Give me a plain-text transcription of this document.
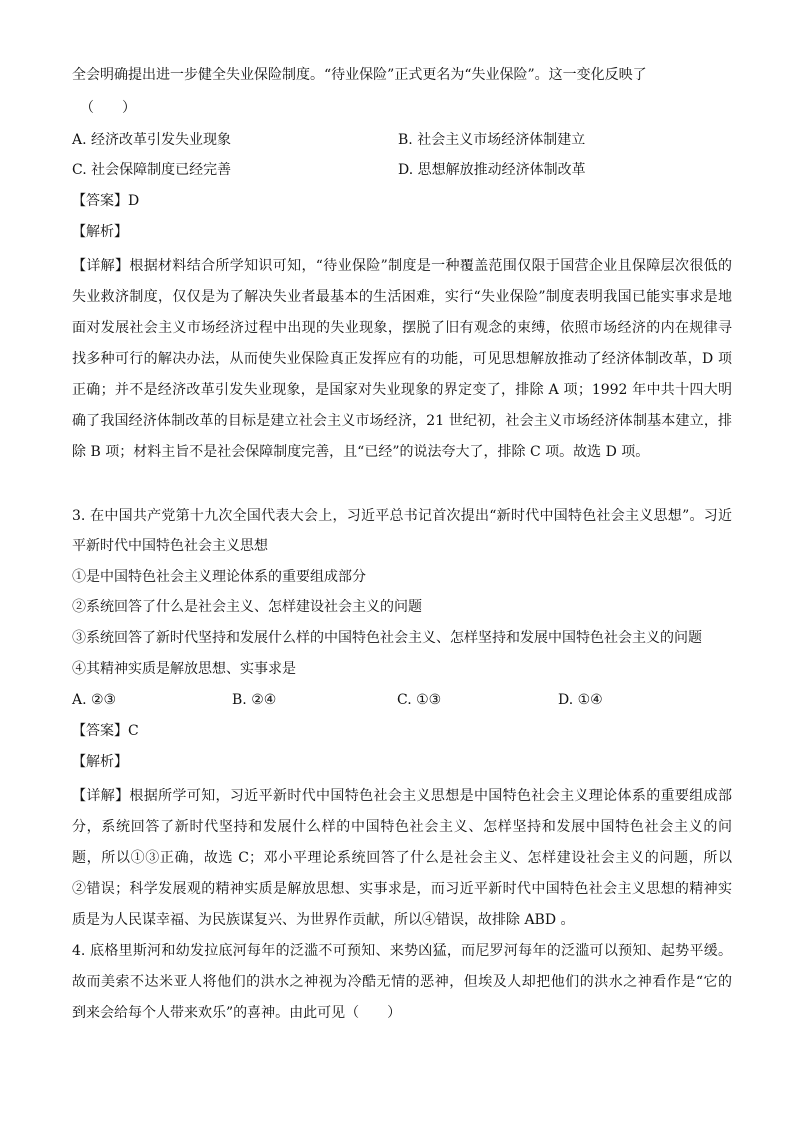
全会明确提出进一步健全失业保险制度。“待业保险”正式更名为“失业保险”。这一变化反映了
（　　）
A. 经济改革引发失业现象	B. 社会主义市场经济体制建立
C. 社会保障制度已经完善	D. 思想解放推动经济体制改革
【答案】D
【解析】
【详解】根据材料结合所学知识可知，“待业保险”制度是一种覆盖范围仅限于国营企业且保障层次很低的
失业救济制度，仅仅是为了解决失业者最基本的生活困难，实行“失业保险”制度表明我国已能实事求是地
面对发展社会主义市场经济过程中出现的失业现象，摆脱了旧有观念的束缚，依照市场经济的内在规律寻
找多种可行的解决办法，从而使失业保险真正发挥应有的功能，可见思想解放推动了经济体制改革，D 项
正确；并不是经济改革引发失业现象，是国家对失业现象的界定变了，排除 A 项；1992 年中共十四大明
确了我国经济体制改革的目标是建立社会主义市场经济，21 世纪初，社会主义市场经济体制基本建立，排
除 B 项；材料主旨不是社会保障制度完善，且“已经”的说法夸大了，排除 C 项。故选 D 项。
3. 在中国共产党第十九次全国代表大会上，习近平总书记首次提出“新时代中国特色社会主义思想”。习近
平新时代中国特色社会主义思想
①是中国特色社会主义理论体系的重要组成部分
②系统回答了什么是社会主义、怎样建设社会主义的问题
③系统回答了新时代坚持和发展什么样的中国特色社会主义、怎样坚持和发展中国特色社会主义的问题
④其精神实质是解放思想、实事求是
A. ②③	B. ②④	C. ①③	D. ①④
【答案】C
【解析】
【详解】根据所学可知，习近平新时代中国特色社会主义思想是中国特色社会主义理论体系的重要组成部
分，系统回答了新时代坚持和发展什么样的中国特色社会主义、怎样坚持和发展中国特色社会主义的问
题，所以①③正确，故选 C；邓小平理论系统回答了什么是社会主义、怎样建设社会主义的问题，所以
②错误；科学发展观的精神实质是解放思想、实事求是，而习近平新时代中国特色社会主义思想的精神实
质是为人民谋幸福、为民族谋复兴、为世界作贡献，所以④错误，故排除 ABD 。
4. 底格里斯河和幼发拉底河每年的泛滥不可预知、来势凶猛，而尼罗河每年的泛滥可以预知、起势平缓。
故而美索不达米亚人将他们的洪水之神视为冷酷无情的恶神，但埃及人却把他们的洪水之神看作是“它的
到来会给每个人带来欢乐”的喜神。由此可见（　　）
